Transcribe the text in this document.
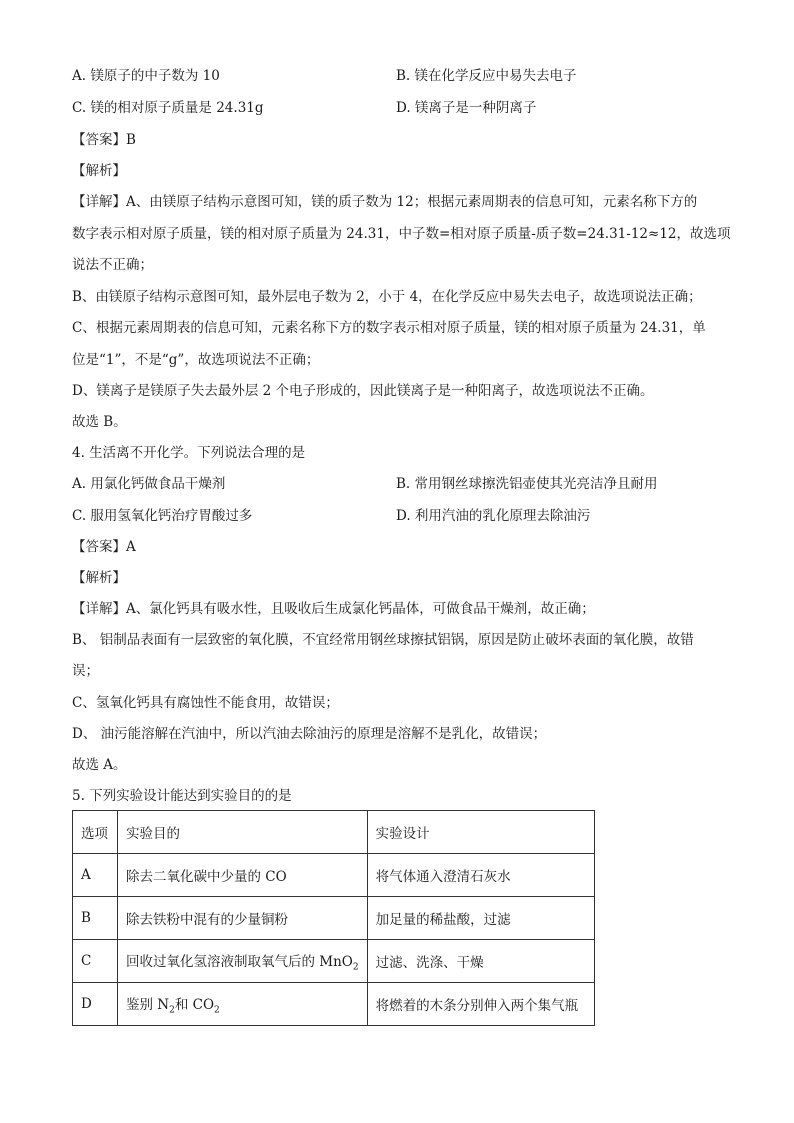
A. 镁原子的中子数为 10	B. 镁在化学反应中易失去电子
C. 镁的相对原子质量是 24.31g	D. 镁离子是一种阴离子
【答案】B
【解析】
【详解】A、由镁原子结构示意图可知，镁的质子数为 12；根据元素周期表的信息可知，元素名称下方的
数字表示相对原子质量，镁的相对原子质量为 24.31，中子数=相对原子质量-质子数=24.31-12≈12，故选项
说法不正确；
B、由镁原子结构示意图可知，最外层电子数为 2，小于 4，在化学反应中易失去电子，故选项说法正确；
C、根据元素周期表的信息可知，元素名称下方的数字表示相对原子质量，镁的相对原子质量为 24.31，单
位是“1”，不是“g”，故选项说法不正确；
D、镁离子是镁原子失去最外层 2 个电子形成的，因此镁离子是一种阳离子，故选项说法不正确。
故选 B。
4. 生活离不开化学。下列说法合理的是
A. 用氯化钙做食品干燥剂	B. 常用钢丝球擦洗铝壶使其光亮洁净且耐用
C. 服用氢氧化钙治疗胃酸过多	D. 利用汽油的乳化原理去除油污
【答案】A
【解析】
【详解】A、氯化钙具有吸水性，且吸收后生成氯化钙晶体，可做食品干燥剂，故正确；
B、 铝制品表面有一层致密的氧化膜，不宜经常用钢丝球擦拭铝锅，原因是防止破坏表面的氧化膜，故错
误；
C、氢氧化钙具有腐蚀性不能食用，故错误；
D、 油污能溶解在汽油中，所以汽油去除油污的原理是溶解不是乳化，故错误；
故选 A。
5. 下列实验设计能达到实验目的的是
选项	实验目的	实验设计
A	除去二氧化碳中少量的 CO	将气体通入澄清石灰水
B	除去铁粉中混有的少量铜粉	加足量的稀盐酸，过滤
C	回收过氧化氢溶液制取氧气后的 MnO$_2$	过滤、洗涤、干燥
D	鉴别 $N_2$和 $CO_2$	将燃着的木条分别伸入两个集气瓶
